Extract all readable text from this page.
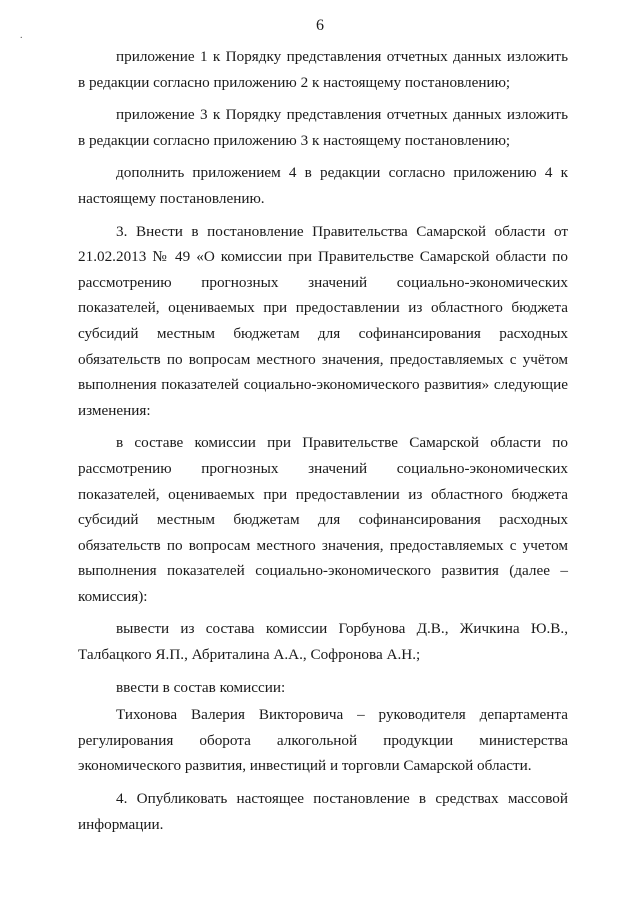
.
6

приложение 1 к Порядку представления отчетных данных изложить в редакции согласно приложению 2 к настоящему постановлению;

приложение 3 к Порядку представления отчетных данных изложить в редакции согласно приложению 3 к настоящему постановлению;

дополнить приложением 4 в редакции согласно приложению 4 к настоящему постановлению.

3. Внести в постановление Правительства Самарской области от 21.02.2013 № 49 «О комиссии при Правительстве Самарской области по рассмотрению прогнозных значений социально-экономических показателей, оцениваемых при предоставлении из областного бюджета субсидий местным бюджетам для софинансирования расходных обязательств по вопросам местного значения, предоставляемых с учётом выполнения показателей социально-экономического развития» следующие изменения:

в составе комиссии при Правительстве Самарской области по рассмотрению прогнозных значений социально-экономических показателей, оцениваемых при предоставлении из областного бюджета субсидий местным бюджетам для софинансирования расходных обязательств по вопросам местного значения, предоставляемых с учетом выполнения показателей социально-экономического развития (далее – комиссия):

вывести из состава комиссии Горбунова Д.В., Жичкина Ю.В., Талбацкого Я.П., Абриталина А.А., Софронова А.Н.;

ввести в состав комиссии:

Тихонова Валерия Викторовича – руководителя департамента регулирования оборота алкогольной продукции министерства экономического развития, инвестиций и торговли Самарской области.

4. Опубликовать настоящее постановление в средствах массовой информации.
